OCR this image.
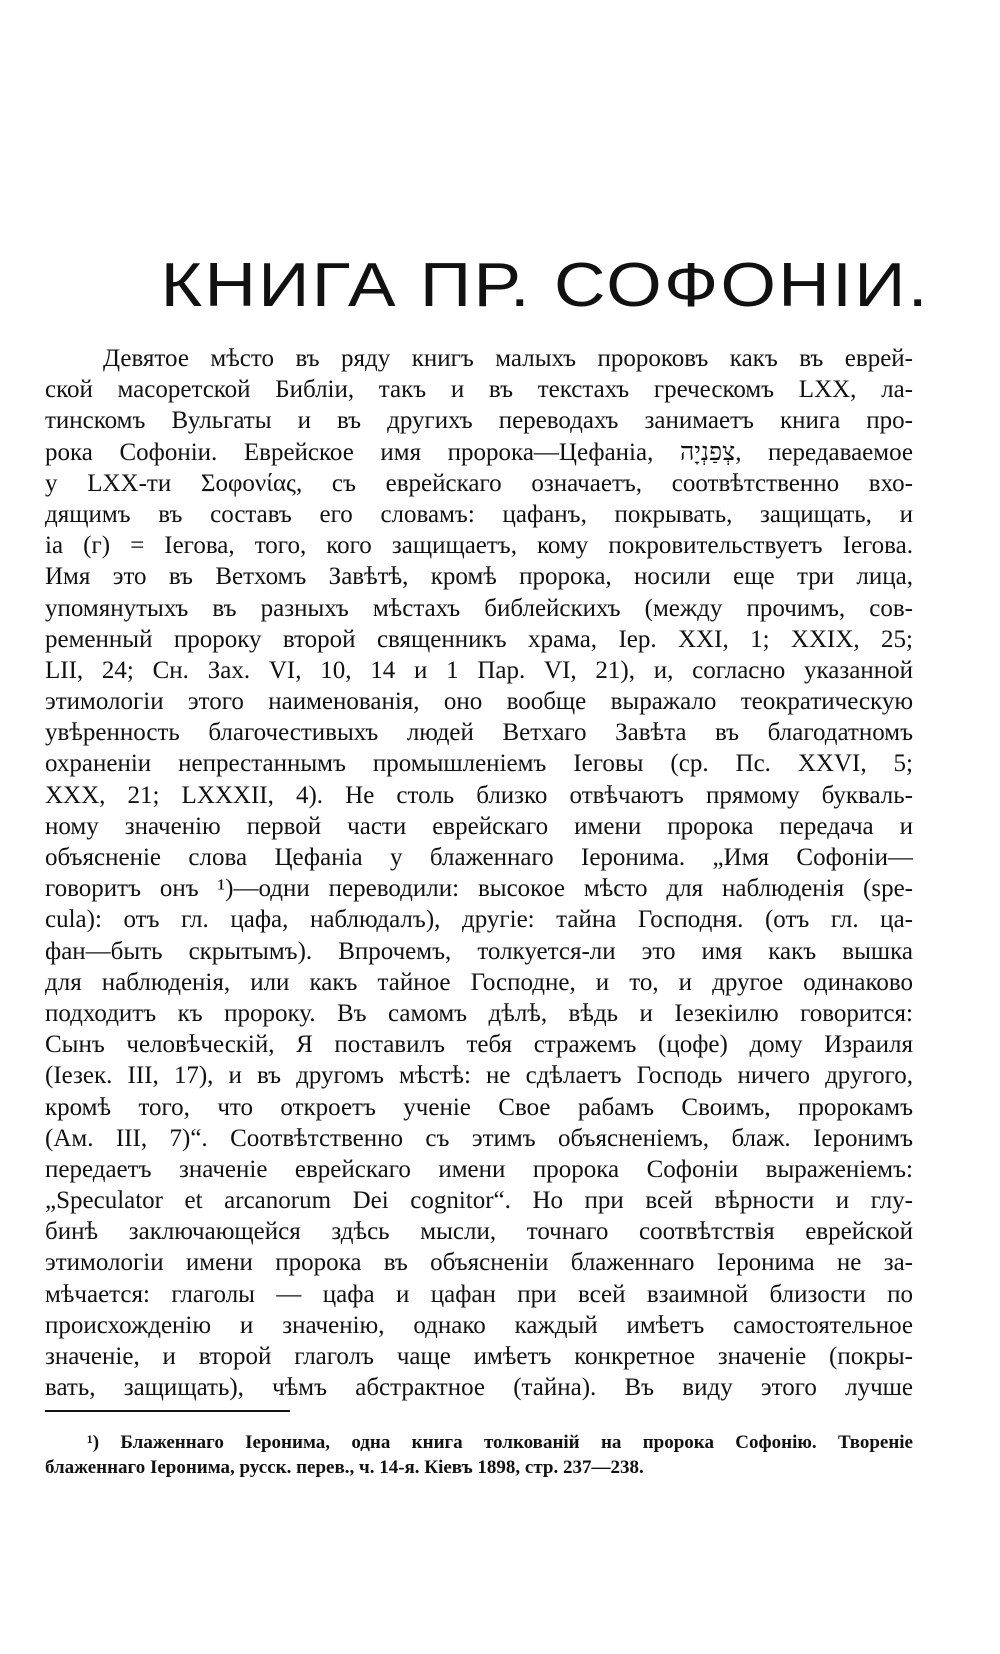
КНИГА ПР. СОФОНІИ.
Девятое мѣсто въ ряду книгъ малыхъ пророковъ какъ въ еврей-
ской масоретской Библіи, такъ и въ текстахъ греческомъ LXX, ла-
тинскомъ Вульгаты и въ другихъ переводахъ занимаетъ книга про-
рока Софоніи. Еврейское имя пророка—Цефаніа, צְפַנְיָה, передаваемое
у LXX-ти Σοφονίας, съ еврейскаго означаетъ, соотвѣтственно вхо-
дящимъ въ составъ его словамъ: цафанъ, покрывать, защищать, и
іа (г) = Іегова, того, кого защищаетъ, кому покровительствуетъ Іегова.
Имя это въ Ветхомъ Завѣтѣ, кромѣ пророка, носили еще три лица,
упомянутыхъ въ разныхъ мѣстахъ библейскихъ (между прочимъ, сов-
ременный пророку второй священникъ храма, Іер. XXI, 1; XXIX, 25;
LII, 24; Сн. Зах. VI, 10, 14 и 1 Пар. VI, 21), и, согласно указанной
этимологіи этого наименованія, оно вообще выражало теократическую
увѣренность благочестивыхъ людей Ветхаго Завѣта въ благодатномъ
охраненіи непрестаннымъ промышленіемъ Іеговы (ср. Пс. XXVI, 5;
XXX, 21; LXXXII, 4). Не столь близко отвѣчаютъ прямому букваль-
ному значенію первой части еврейскаго имени пророка передача и
объясненіе слова Цефаніа у блаженнаго Іеронима. „Имя Софоніи—
говоритъ онъ ¹)—одни переводили: высокое мѣсто для наблюденія (spe-
cula): отъ гл. цафа, наблюдалъ), другіе: тайна Господня. (отъ гл. ца-
фан—быть скрытымъ). Впрочемъ, толкуется-ли это имя какъ вышка
для наблюденія, или какъ тайное Господне, и то, и другое одинаково
подходитъ къ пророку. Въ самомъ дѣлѣ, вѣдь и Іезекіилю говорится:
Сынъ человѣческій, Я поставилъ тебя стражемъ (цофе) дому Израиля
(Іезек. III, 17), и въ другомъ мѣстѣ: не сдѣлаетъ Господь ничего другого,
кромѣ того, что откроетъ ученіе Свое рабамъ Своимъ, пророкамъ
(Ам. III, 7)“. Соотвѣтственно съ этимъ объясненіемъ, блаж. Іеронимъ
передаетъ значеніе еврейскаго имени пророка Софоніи выраженіемъ:
„Speculator et arcanorum Dei cognitor“. Но при всей вѣрности и глу-
бинѣ заключающейся здѣсь мысли, точнаго соотвѣтствія еврейской
этимологіи имени пророка въ объясненіи блаженнаго Іеронима не за-
мѣчается: глаголы — цафа и цафан при всей взаимной близости по
происхожденію и значенію, однако каждый имѣетъ самостоятельное
значеніе, и второй глаголъ чаще имѣетъ конкретное значеніе (покры-
вать, защищать), чѣмъ абстрактное (тайна). Въ виду этого лучше
¹) Блаженнаго Іеронима, одна книга толкованій на пророка Софонію. Твореніе
блаженнаго Іеронима, русск. перев., ч. 14-я. Кіевъ 1898, стр. 237—238.
